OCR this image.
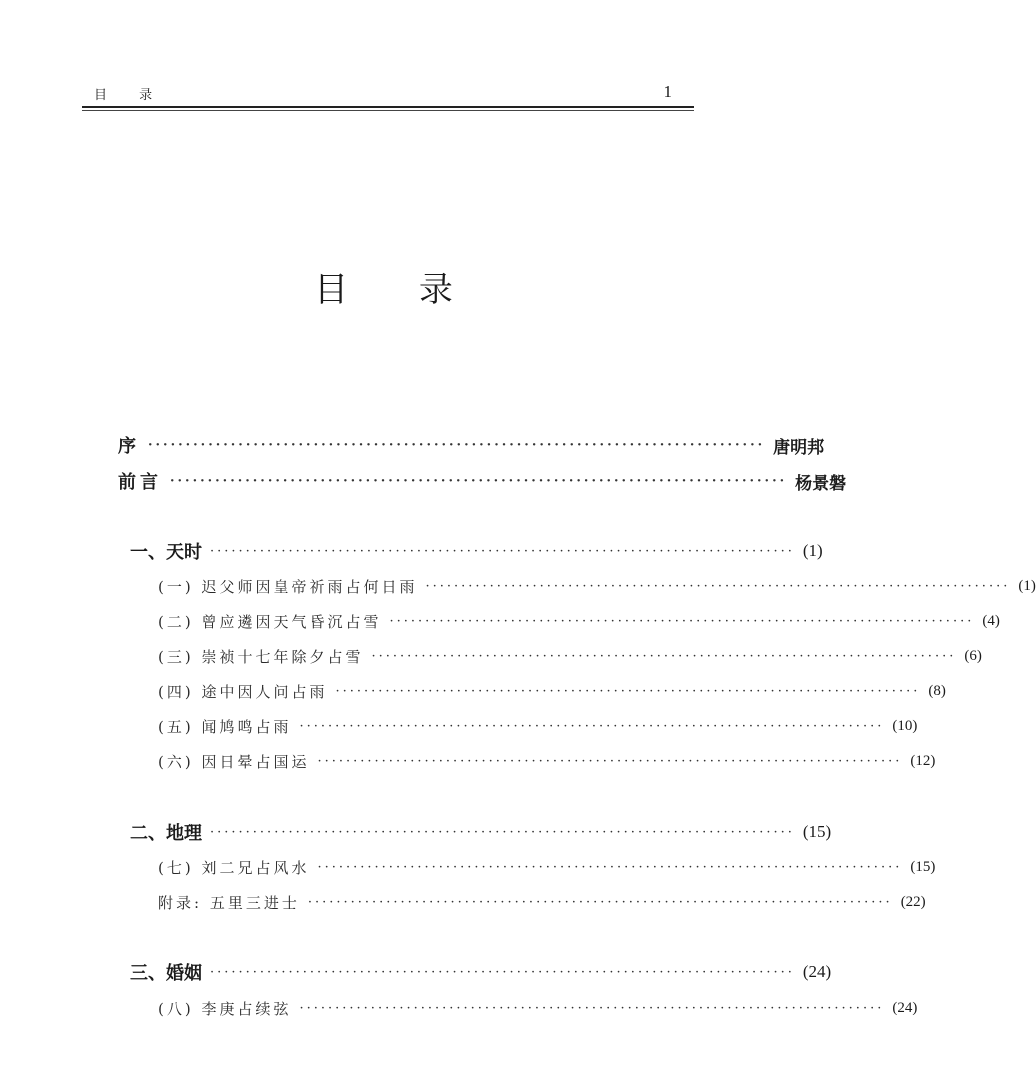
目 录	1
目 录
序 ·················································································· 唐明邦
前言 ·················································································· 杨景磐
一、天时 ·················································································· (1)
(一) 迟父师因皇帝祈雨占何日雨 ·················································································· (1)
(二) 曾应遴因天气昏沉占雪 ·················································································· (4)
(三) 崇祯十七年除夕占雪 ·················································································· (6)
(四) 途中因人问占雨 ·················································································· (8)
(五) 闻鸠鸣占雨 ·················································································· (10)
(六) 因日晕占国运 ·················································································· (12)
二、地理 ·················································································· (15)
(七) 刘二兄占风水 ·················································································· (15)
附录: 五里三进士 ·················································································· (22)
三、婚姻 ·················································································· (24)
(八) 李庚占续弦 ·················································································· (24)
